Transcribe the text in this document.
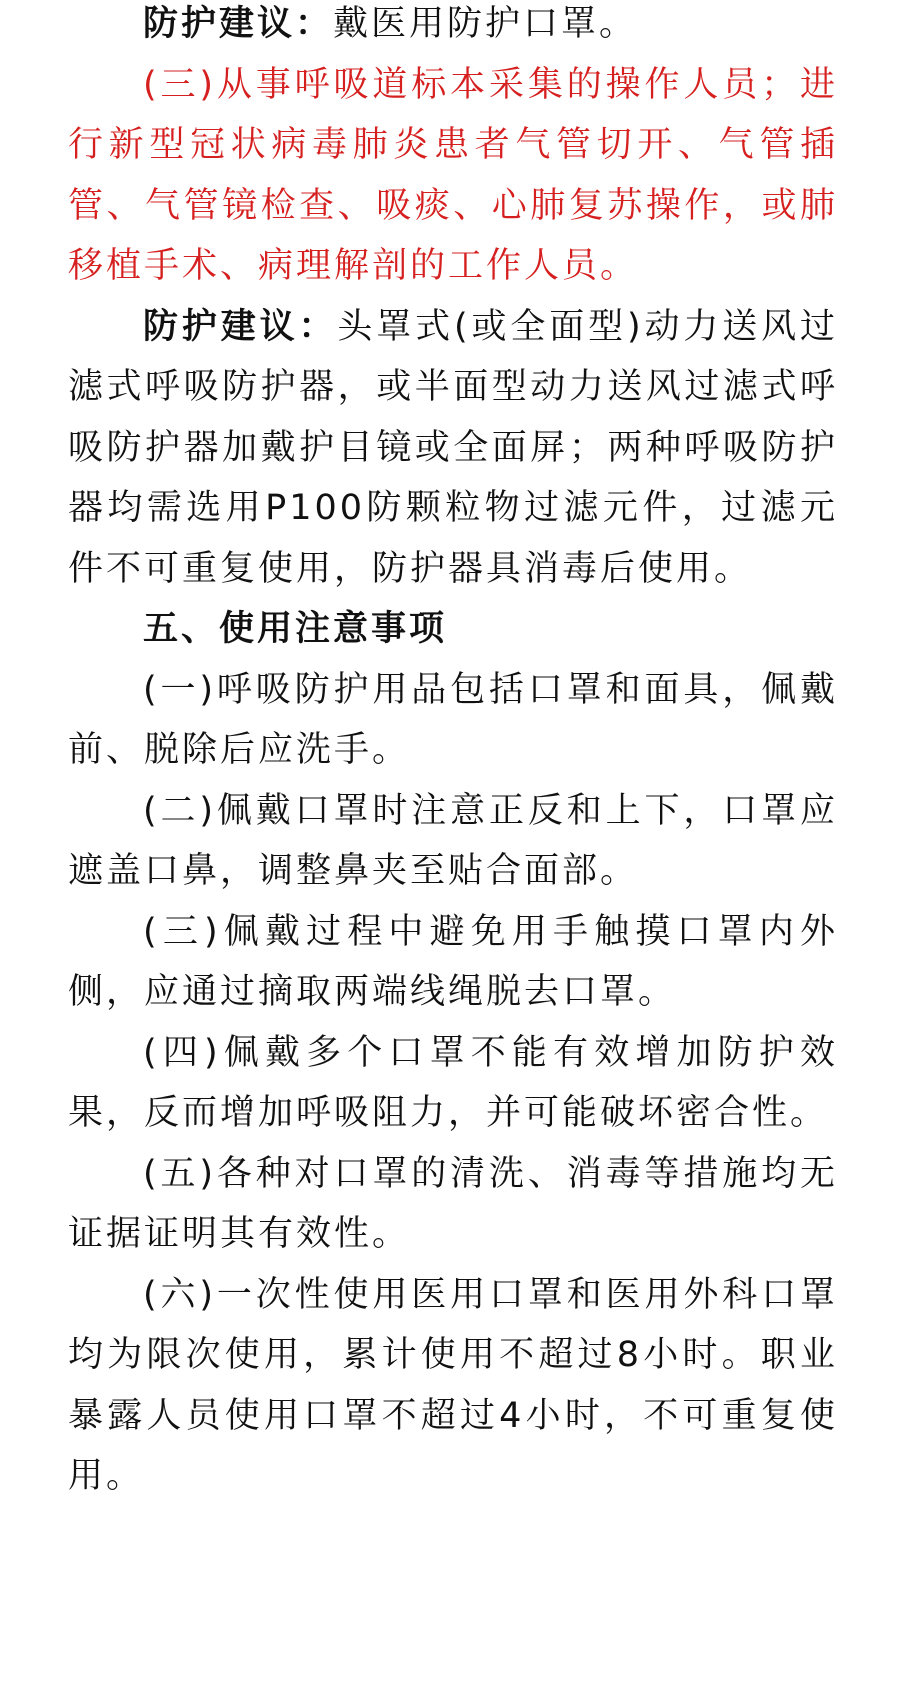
防护建议：戴医用防护口罩。

(三)从事呼吸道标本采集的操作人员；进行新型冠状病毒肺炎患者气管切开、气管插管、气管镜检查、吸痰、心肺复苏操作，或肺移植手术、病理解剖的工作人员。

防护建议：头罩式(或全面型)动力送风过滤式呼吸防护器，或半面型动力送风过滤式呼吸防护器加戴护目镜或全面屏；两种呼吸防护器均需选用P100防颗粒物过滤元件，过滤元件不可重复使用，防护器具消毒后使用。

五、使用注意事项

(一)呼吸防护用品包括口罩和面具，佩戴前、脱除后应洗手。

(二)佩戴口罩时注意正反和上下，口罩应遮盖口鼻，调整鼻夹至贴合面部。

(三)佩戴过程中避免用手触摸口罩内外侧，应通过摘取两端线绳脱去口罩。

(四)佩戴多个口罩不能有效增加防护效果，反而增加呼吸阻力，并可能破坏密合性。

(五)各种对口罩的清洗、消毒等措施均无证据证明其有效性。

(六)一次性使用医用口罩和医用外科口罩均为限次使用，累计使用不超过8小时。职业暴露人员使用口罩不超过4小时，不可重复使用。
